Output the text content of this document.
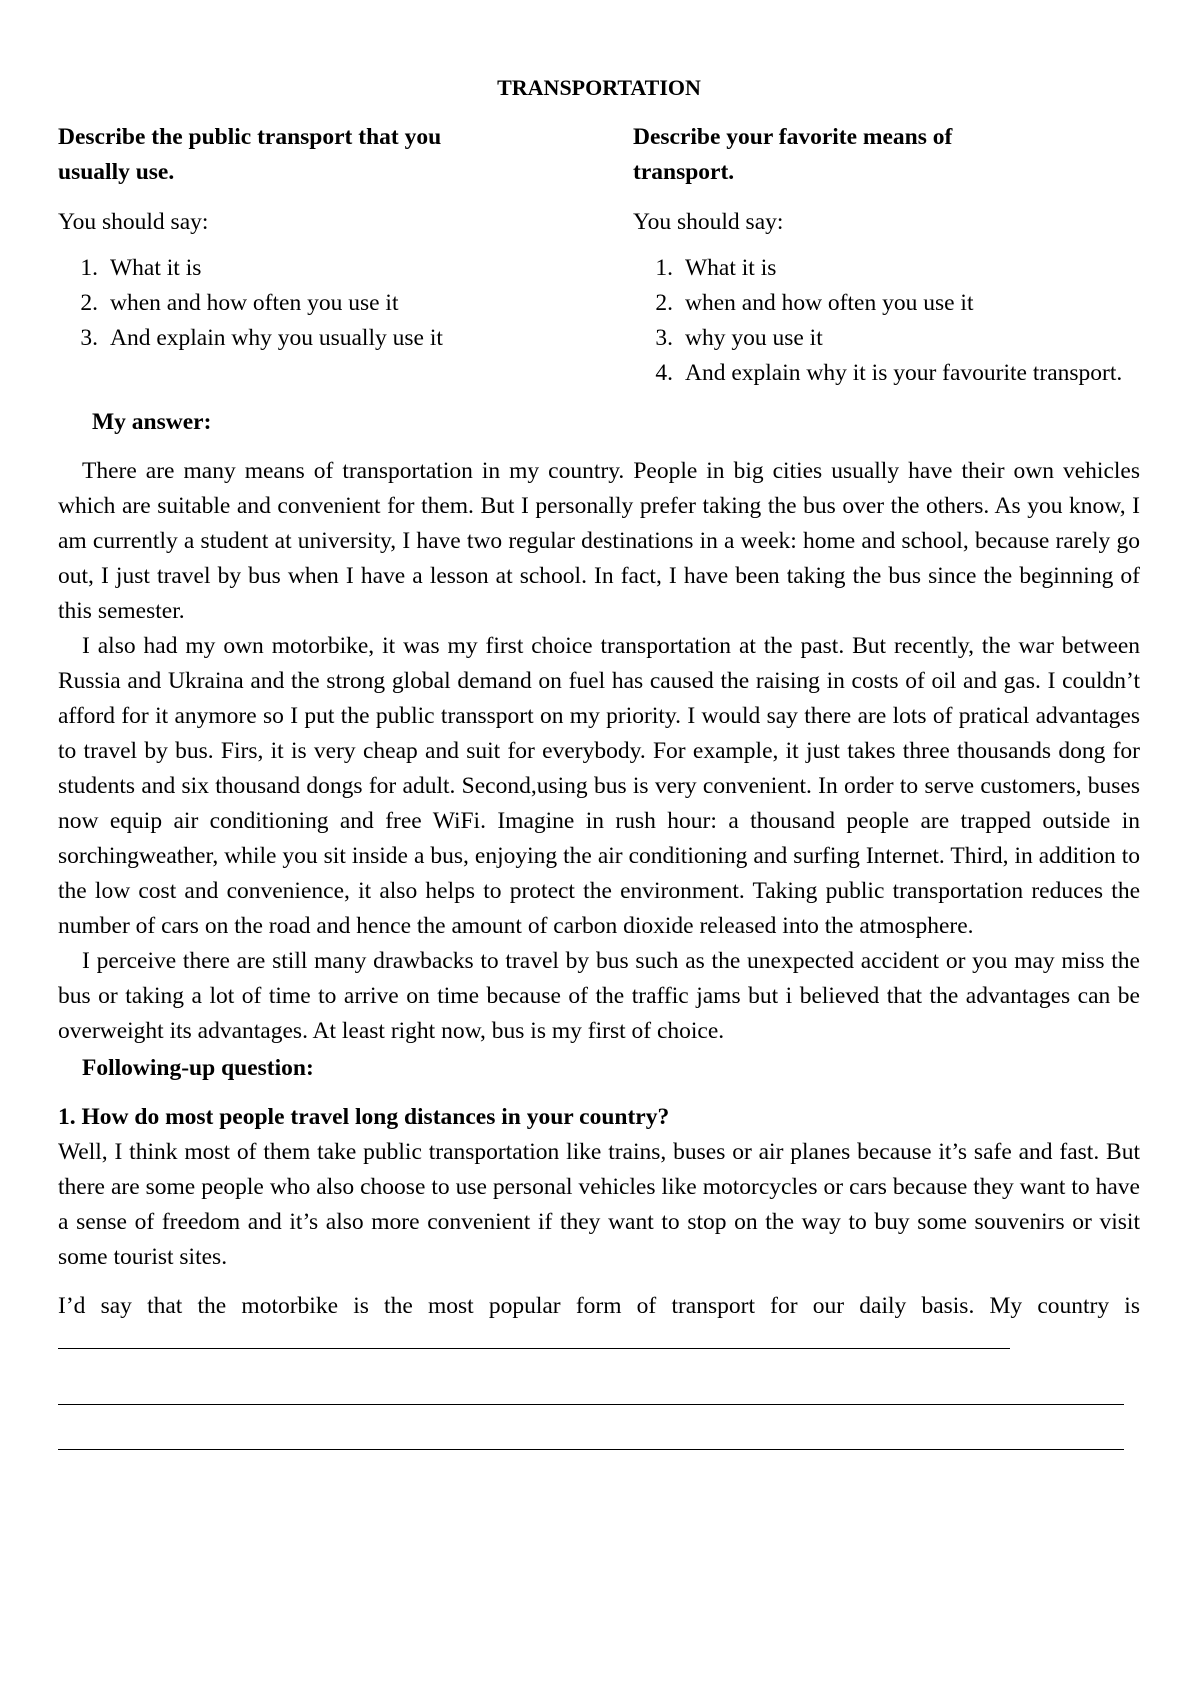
TRANSPORTATION

Describe the public transport that you usually use.

You should say:

1. What it is
2. when and how often you use it
3. And explain why you usually use it

Describe your favorite means of transport.

You should say:

1. What it is
2. when and how often you use it
3. why you use it
4. And explain why it is your favourite transport.

My answer:

There are many means of transportation in my country. People in big cities usually have their own vehicles which are suitable and convenient for them. But I personally prefer taking the bus over the others. As you know, I am currently a student at university, I have two regular destinations in a week: home and school, because rarely go out, I just travel by bus when I have a lesson at school. In fact, I have been taking the bus since the beginning of this semester.

I also had my own motorbike, it was my first choice transportation at the past. But recently, the war between Russia and Ukraina and the strong global demand on fuel has caused the raising in costs of oil and gas. I couldn’t afford for it anymore so I put the public transsport on my priority. I would say there are lots of pratical advantages to travel by bus. Firs, it is very cheap and suit for everybody. For example, it just takes three thousands dong for students and six thousand dongs for adult. Second,using bus is very convenient. In order to serve customers, buses now equip air conditioning and free WiFi. Imagine in rush hour: a thousand people are trapped outside in sorchingweather, while you sit inside a bus, enjoying the air conditioning and surfing Internet. Third, in addition to the low cost and convenience, it also helps to protect the environment. Taking public transportation reduces the number of cars on the road and hence the amount of carbon dioxide released into the atmosphere.

I perceive there are still many drawbacks to travel by bus such as the unexpected accident or you may miss the bus or taking a lot of time to arrive on time because of the traffic jams but i believed that the advantages can be overweight its advantages. At least right now, bus is my first of choice.

Following-up question:

1. How do most people travel long distances in your country?

Well, I think most of them take public transportation like trains, buses or air planes because it’s safe and fast. But there are some people who also choose to use personal vehicles like motorcycles or cars because they want to have a sense of freedom and it’s also more convenient if they want to stop on the way to buy some souvenirs or visit some tourist sites.

I’d say that the motorbike is the most popular form of transport for our daily basis. My country is
